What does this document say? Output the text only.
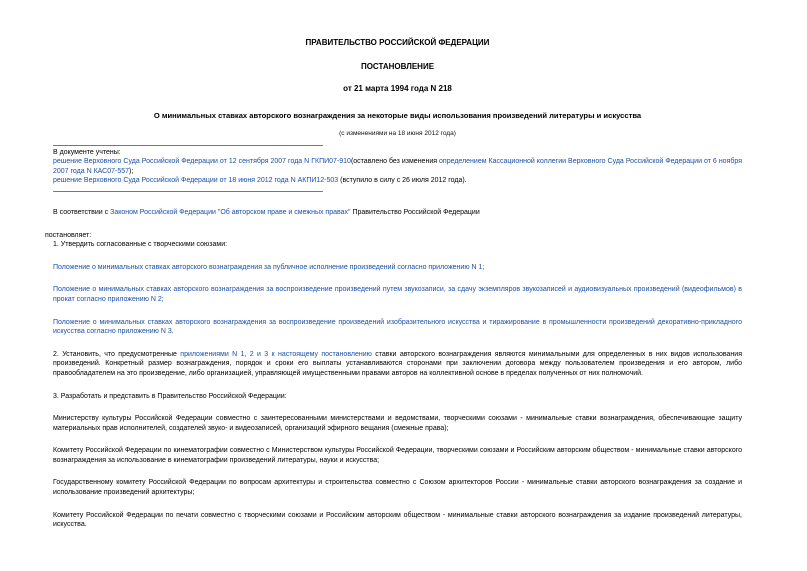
ПРАВИТЕЛЬСТВО РОССИЙСКОЙ ФЕДЕРАЦИИ
ПОСТАНОВЛЕНИЕ
от 21 марта 1994 года N 218
О минимальных ставках авторского вознаграждения за некоторые виды использования произведений литературы и искусства
(с изменениями на 18 июня 2012 года)
В документе учтены:
решение Верховного Суда Российской Федерации от 12 сентября 2007 года N ГКПИ07-910(оставлено без изменения определением Кассационной коллегии Верховного Суда Российской Федерации от 6 ноября 2007 года N КАС07-557);
решение Верховного Суда Российской Федерации от 18 июня 2012 года N АКПИ12-503 (вступило в силу с 26 июля 2012 года).
В соответствии с Законом Российской Федерации "Об авторском праве и смежных правах" Правительство Российской Федерации
постановляет:
1. Утвердить согласованные с творческими союзами:
Положение о минимальных ставках авторского вознаграждения за публичное исполнение произведений согласно приложению N 1;
Положение о минимальных ставках авторского вознаграждения за воспроизведение произведений путем звукозаписи, за сдачу экземпляров звукозаписей и аудиовизуальных произведений (видеофильмов) в прокат согласно приложению N 2;
Положение о минимальных ставках авторского вознаграждения за воспроизведение произведений изобразительного искусства и тиражирование в промышленности произведений декоративно-прикладного искусства согласно приложению N 3.
2. Установить, что предусмотренные приложениями N 1, 2 и 3 к настоящему постановлению ставки авторского вознаграждения являются минимальными для определенных в них видов использования произведений. Конкретный размер вознаграждения, порядок и сроки его выплаты устанавливаются сторонами при заключении договора между пользователем произведения и его автором, либо правообладателем на это произведение, либо организацией, управляющей имущественными правами авторов на коллективной основе в пределах полученных от них полномочий.
3. Разработать и представить в Правительство Российской Федерации:
Министерству культуры Российской Федерации совместно с заинтересованными министерствами и ведомствами, творческими союзами - минимальные ставки вознаграждения, обеспечивающие защиту материальных прав исполнителей, создателей звуко- и видеозаписей, организаций эфирного вещания (смежные права);
Комитету Российской Федерации по кинематографии совместно с Министерством культуры Российской Федерации, творческими союзами и Российским авторским обществом - минимальные ставки авторского вознаграждения за использование в кинематографии произведений литературы, науки и искусства;
Государственному комитету Российской Федерации по вопросам архитектуры и строительства совместно с Союзом архитекторов России - минимальные ставки авторского вознаграждения за создание и использование произведений архитектуры;
Комитету Российской Федерации по печати совместно с творческими союзами и Российским авторским обществом - минимальные ставки авторского вознаграждения за издание произведений литературы, искусства.
